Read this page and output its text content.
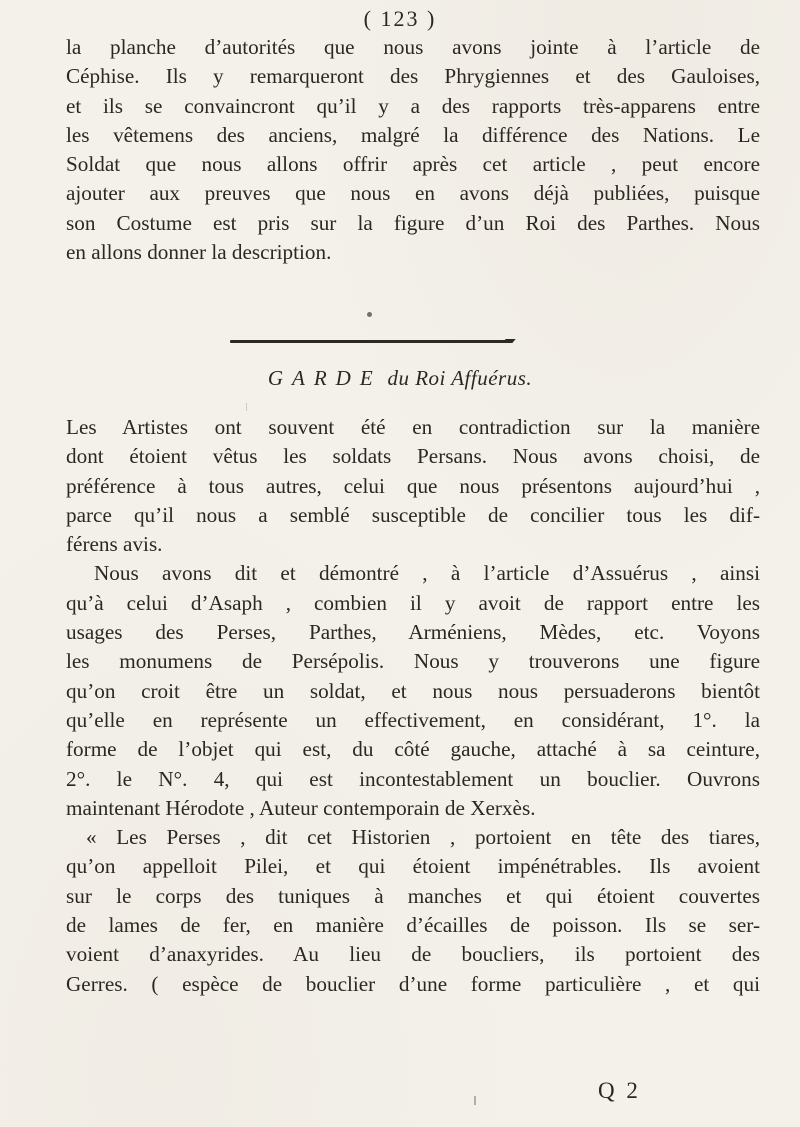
( 123 )
la planche d’autorités que nous avons jointe à l’article de
Céphise. Ils y remarqueront des Phrygiennes et des Gauloises,
et ils se convaincront qu’il y a des rapports très-apparens entre
les vêtemens des anciens, malgré la différence des Nations. Le
Soldat que nous allons offrir après cet article , peut encore
ajouter aux preuves que nous en avons déjà publiées, puisque
son Costume est pris sur la figure d’un Roi des Parthes. Nous
en allons donner la description.
GARDE du Roi Affuérus.
Les Artistes ont souvent été en contradiction sur la manière
dont étoient vêtus les soldats Persans. Nous avons choisi, de
préférence à tous autres, celui que nous présentons aujourd’hui ,
parce qu’il nous a semblé susceptible de concilier tous les dif-
férens avis.
Nous avons dit et démontré , à l’article d’Assuérus , ainsi
qu’à celui d’Asaph , combien il y avoit de rapport entre les
usages des Perses, Parthes, Arméniens, Mèdes, etc. Voyons
les monumens de Persépolis. Nous y trouverons une figure
qu’on croit être un soldat, et nous nous persuaderons bientôt
qu’elle en représente un effectivement, en considérant, 1°. la
forme de l’objet qui est, du côté gauche, attaché à sa ceinture,
2°. le N°. 4, qui est incontestablement un bouclier. Ouvrons
maintenant Hérodote , Auteur contemporain de Xerxès.
« Les Perses , dit cet Historien , portoient en tête des tiares,
qu’on appelloit Pilei, et qui étoient impénétrables. Ils avoient
sur le corps des tuniques à manches et qui étoient couvertes
de lames de fer, en manière d’écailles de poisson. Ils se ser-
voient d’anaxyrides. Au lieu de boucliers, ils portoient des
Gerres. ( espèce de bouclier d’une forme particulière , et qui
Q 2
